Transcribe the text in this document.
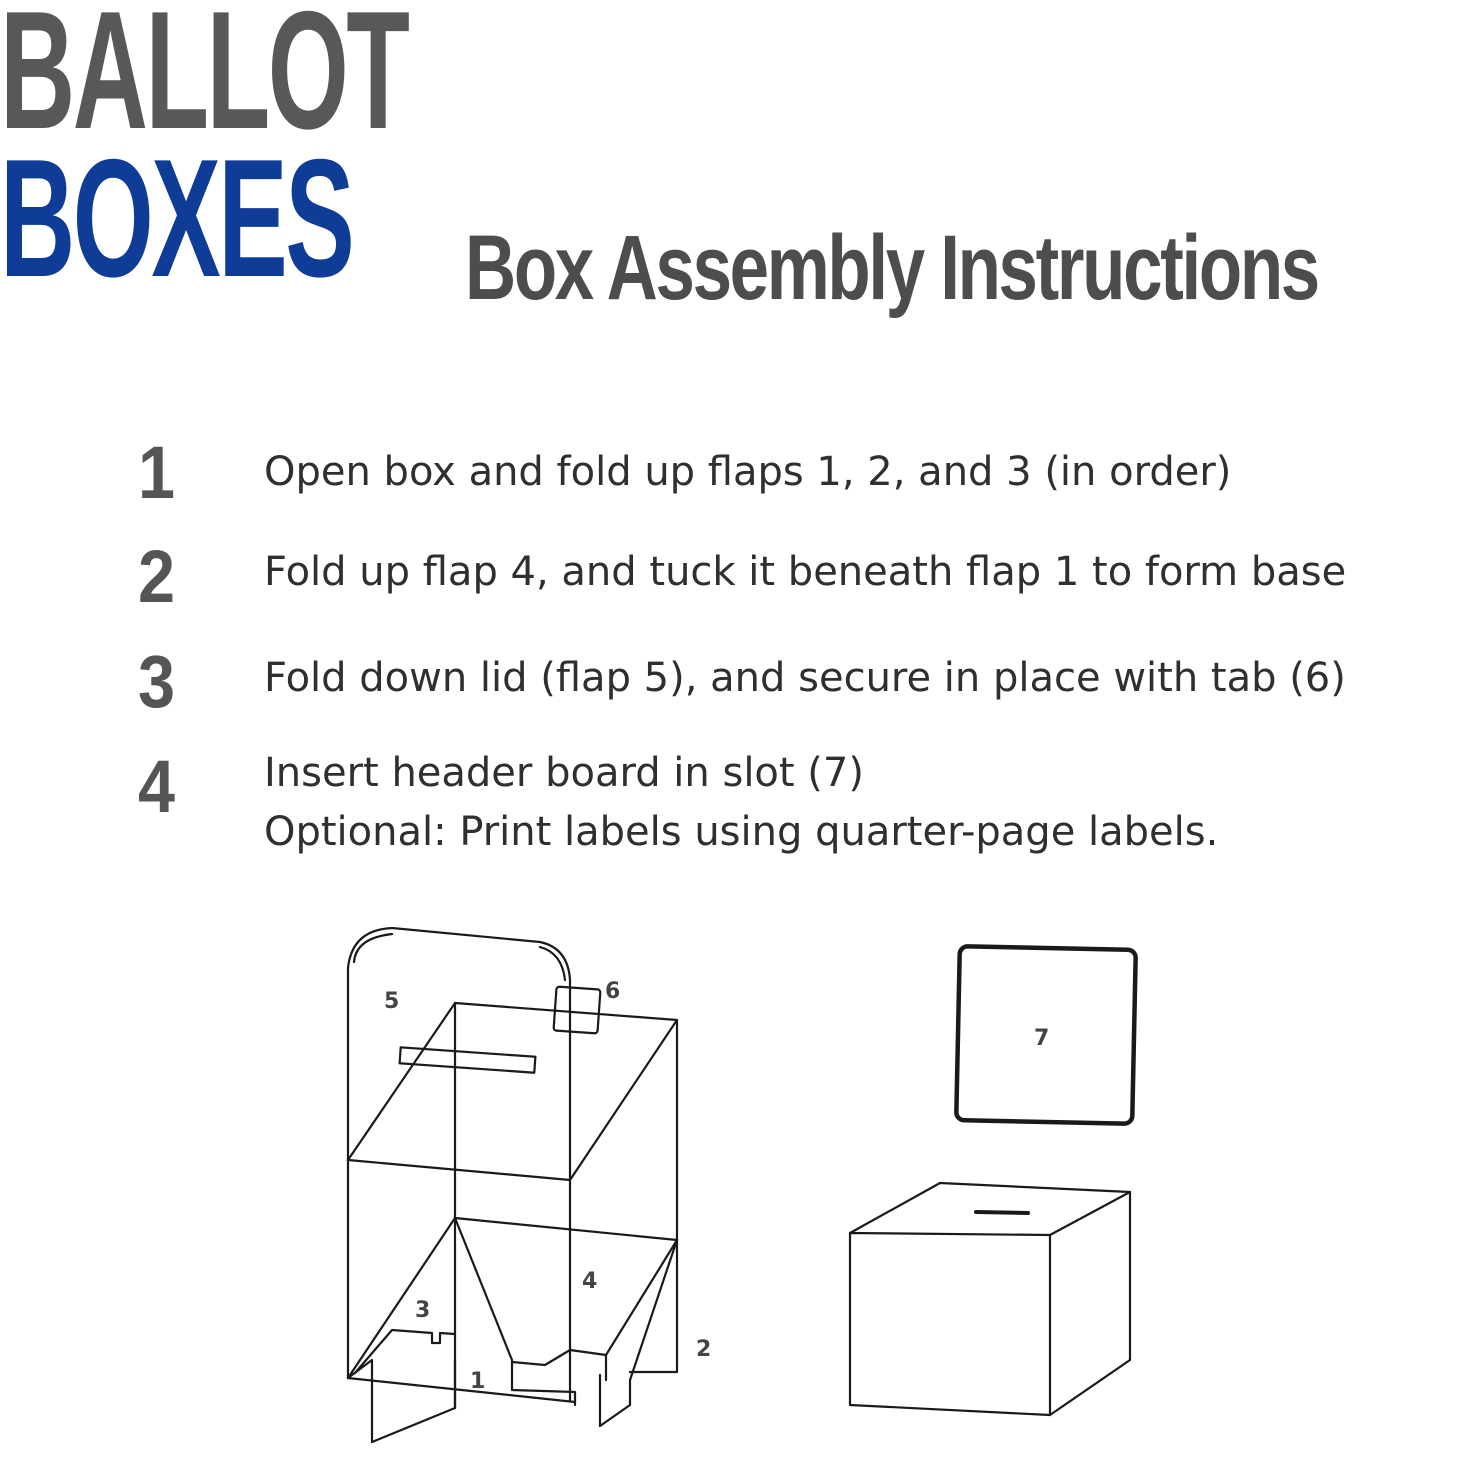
BALLOT
BOXES Box Assembly Instructions
1 Open box and fold up flaps 1, 2, and 3 (in order)
2 Fold up flap 4, and tuck it beneath flap 1 to form base
3 Fold down lid (flap 5), and secure in place with tab (6)
4 Insert header board in slot (7)
Optional: Print labels using quarter-page labels.
5	6
3
4
1
2
7
